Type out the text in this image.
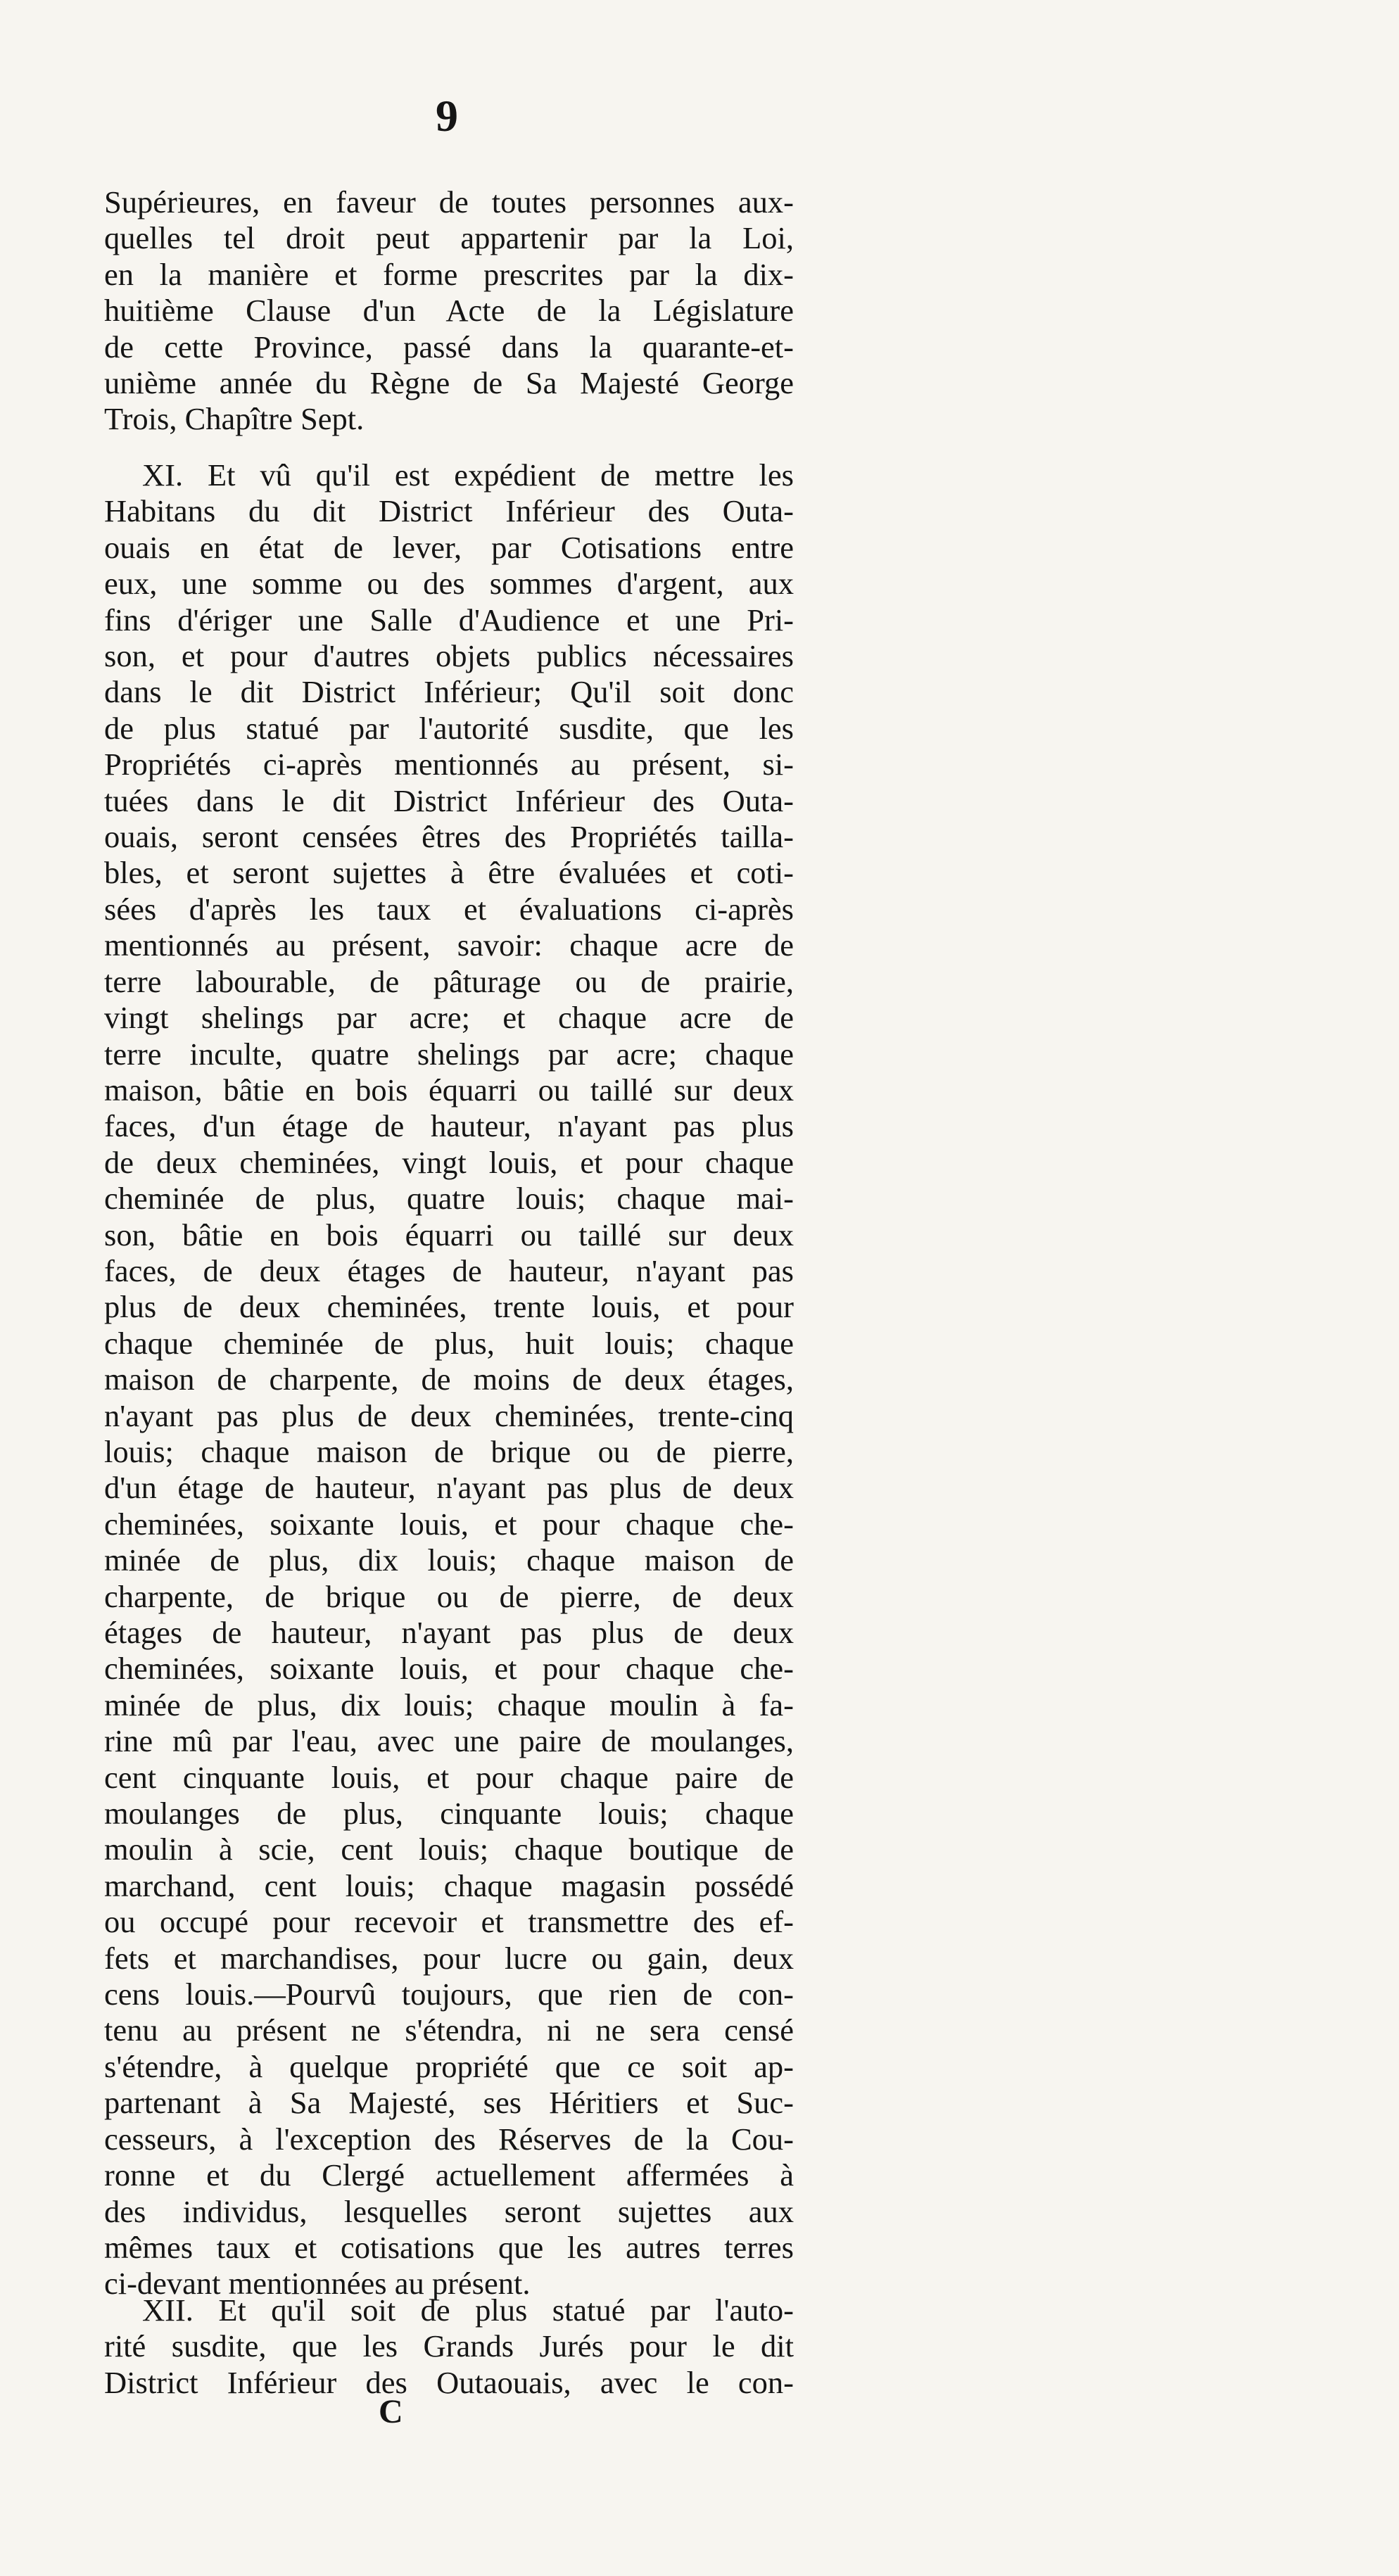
9
Supérieures, en faveur de toutes personnes aux-
quelles tel droit peut appartenir par la Loi,
en la manière et forme prescrites par la dix-
huitième Clause d'un Acte de la Législature
de cette Province, passé dans la quarante-et-
unième année du Règne de Sa Majesté George
Trois, Chapître Sept.
XI. Et vû qu'il est expédient de mettre les
Habitans du dit District Inférieur des Outa-
ouais en état de lever, par Cotisations entre
eux, une somme ou des sommes d'argent, aux
fins d'ériger une Salle d'Audience et une Pri-
son, et pour d'autres objets publics nécessaires
dans le dit District Inférieur; Qu'il soit donc
de plus statué par l'autorité susdite, que les
Propriétés ci-après mentionnés au présent, si-
tuées dans le dit District Inférieur des Outa-
ouais, seront censées êtres des Propriétés tailla-
bles, et seront sujettes à être évaluées et coti-
sées d'après les taux et évaluations ci-après
mentionnés au présent, savoir: chaque acre de
terre labourable, de pâturage ou de prairie,
vingt shelings par acre; et chaque acre de
terre inculte, quatre shelings par acre; chaque
maison, bâtie en bois équarri ou taillé sur deux
faces, d'un étage de hauteur, n'ayant pas plus
de deux cheminées, vingt louis, et pour chaque
cheminée de plus, quatre louis; chaque mai-
son, bâtie en bois équarri ou taillé sur deux
faces, de deux étages de hauteur, n'ayant pas
plus de deux cheminées, trente louis, et pour
chaque cheminée de plus, huit louis; chaque
maison de charpente, de moins de deux étages,
n'ayant pas plus de deux cheminées, trente-cinq
louis; chaque maison de brique ou de pierre,
d'un étage de hauteur, n'ayant pas plus de deux
cheminées, soixante louis, et pour chaque che-
minée de plus, dix louis; chaque maison de
charpente, de brique ou de pierre, de deux
étages de hauteur, n'ayant pas plus de deux
cheminées, soixante louis, et pour chaque che-
minée de plus, dix louis; chaque moulin à fa-
rine mû par l'eau, avec une paire de moulanges,
cent cinquante louis, et pour chaque paire de
moulanges de plus, cinquante louis; chaque
moulin à scie, cent louis; chaque boutique de
marchand, cent louis; chaque magasin possédé
ou occupé pour recevoir et transmettre des ef-
fets et marchandises, pour lucre ou gain, deux
cens louis.—Pourvû toujours, que rien de con-
tenu au présent ne s'étendra, ni ne sera censé
s'étendre, à quelque propriété que ce soit ap-
partenant à Sa Majesté, ses Héritiers et Suc-
cesseurs, à l'exception des Réserves de la Cou-
ronne et du Clergé actuellement affermées à
des individus, lesquelles seront sujettes aux
mêmes taux et cotisations que les autres terres
ci-devant mentionnées au présent.
XII. Et qu'il soit de plus statué par l'auto-
rité susdite, que les Grands Jurés pour le dit
District Inférieur des Outaouais, avec le con-
C
